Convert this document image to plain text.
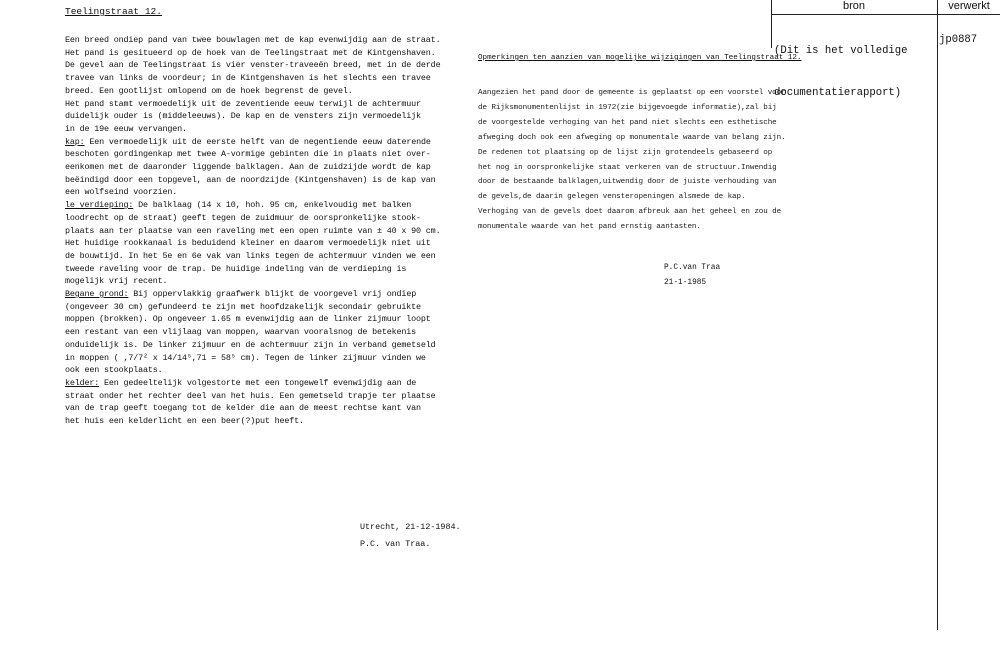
Teelingstraat 12.

Een breed ondiep pand van twee bouwlagen met de kap evenwijdig aan de straat.

Het pand is gesitueerd op de hoek van de Teelingstraat met de Kintgenshaven.

De gevel aan de Teelingstraat is vier venster-traveeën breed, met in de derde

travee van links de voordeur; in de Kintgenshaven is het slechts een travee

breed. Een gootlijst omlopend om de hoek begrenst de gevel.

Het pand stamt vermoedelijk uit de zeventiende eeuw terwijl de achtermuur

duidelijk ouder is (middeleeuws). De kap en de vensters zijn vermoedelijk

in de 19e eeuw vervangen.

kap: Een vermoedelijk uit de eerste helft van de negentiende eeuw daterende

beschoten gordingenkap met twee A-vormige gebinten die in plaats niet over-

eenkomen met de daaronder liggende balklagen. Aan de zuidzijde wordt de kap

beëindigd door een topgevel, aan de noordzijde (Kintgenshaven) is de kap van

een wolfseind voorzien.

le verdieping: De balklaag (14 x 10, hoh. 95 cm, enkelvoudig met balken

loodrecht op de straat) geeft tegen de zuidmuur de oorspronkelijke stook-

plaats aan ter plaatse van een raveling met een open ruimte van ± 40 x 90 cm.

Het huidige rookkanaal is beduidend kleiner en daarom vermoedelijk niet uit

de bouwtijd. In het 5e en 6e vak van links tegen de achtermuur vinden we een

tweede raveling voor de trap. De huidige indeling van de verdieping is

mogelijk vrij recent.

Begane grond: Bij oppervlakkig graafwerk blijkt de voorgevel vrij ondiep

(ongeveer 30 cm) gefundeerd te zijn met hoofdzakelijk secondair gebruikte

moppen (brokken). Op ongeveer 1.65 m evenwijdig aan de linker zijmuur loopt

een restant van een vlijlaag van moppen, waarvan vooralsnog de betekenis

onduidelijk is. De linker zijmuur en de achtermuur zijn in verband gemetseld

in moppen ( ,7/7² x 14/14⁵,71 = 58⁵ cm). Tegen de linker zijmuur vinden we

ook een stookplaats.

kelder: Een gedeeltelijk volgestorte met een tongewelf evenwijdig aan de

straat onder het rechter deel van het huis. Een gemetseld trapje ter plaatse

van de trap geeft toegang tot de kelder die aan de meest rechtse kant van

het huis een kelderlicht en een beer(?)put heeft.

Utrecht, 21-12-1984.
P.C. van Traa.
Opmerkingen ten aanzien van mogelijke wijzigingen van Teelingstraat 12.

Aangezien het pand door de gemeente is geplaatst op een voorstel voor

de Rijksmonumentenlijst in 1972(zie bijgevoegde informatie),zal bij

de voorgestelde verhoging van het pand niet slechts een esthetische

afweging doch ook een afweging op monumentale waarde van belang zijn.

De redenen tot plaatsing op de lijst zijn grotendeels gebaseerd op

het nog in oorspronkelijke staat verkeren van de structuur.Inwendig

door de bestaande balklagen,uitwendig door de juiste verhouding van

de gevels,de daarin gelegen vensteropeningen alsmede de kap.

Verhoging van de gevels doet daarom afbreuk aan het geheel en zou de

monumentale waarde van het pand ernstig aantasten.

P.C.van Traa
21-1-1985
bron	verwerkt

(Dit is het volledige

documentatierapport)

jp0887
